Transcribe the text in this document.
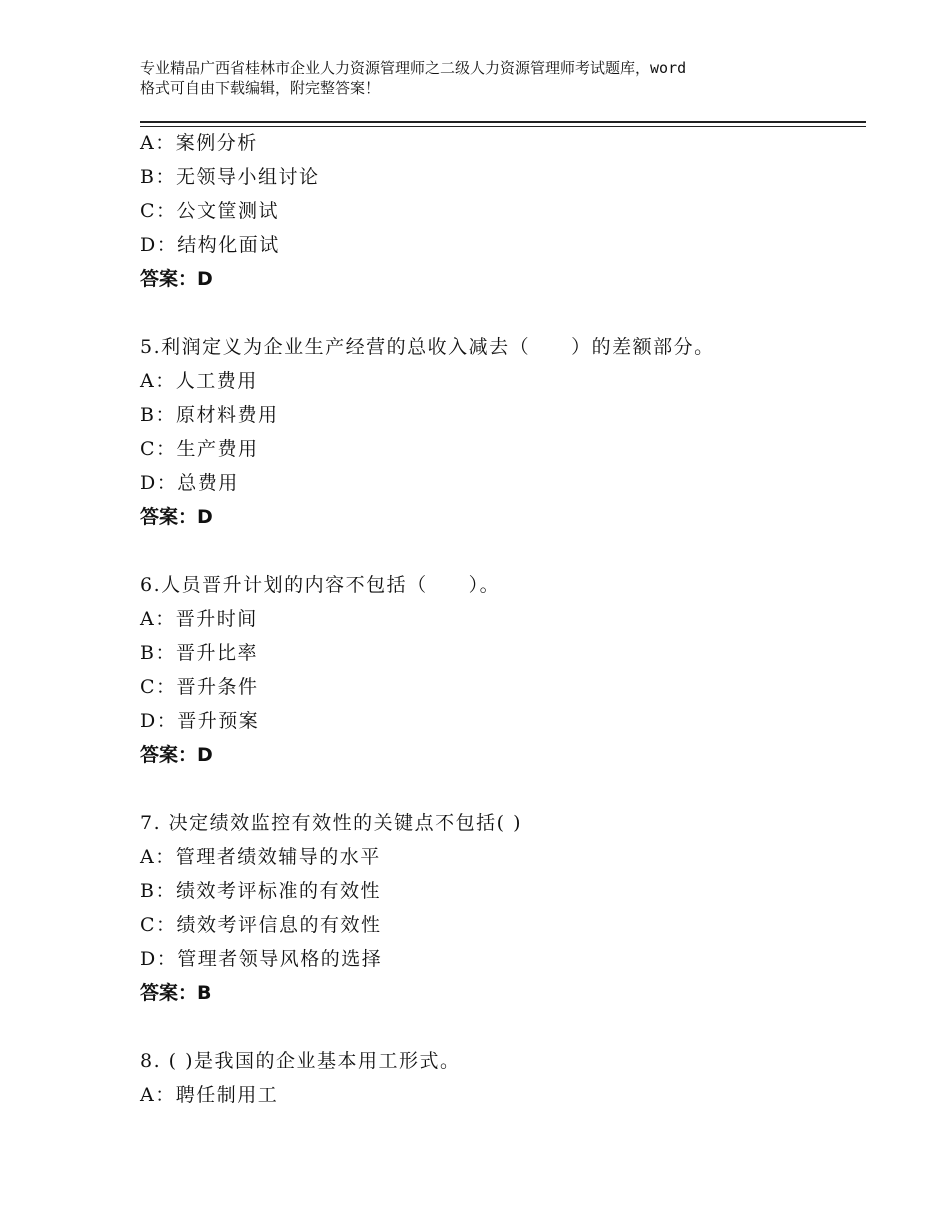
专业精品广西省桂林市企业人力资源管理师之二级人力资源管理师考试题库，word
格式可自由下载编辑，附完整答案！
A：案例分析
B：无领导小组讨论
C：公文筐测试
D：结构化面试
答案：D
5.利润定义为企业生产经营的总收入减去（　　）的差额部分。
A：人工费用
B：原材料费用
C：生产费用
D：总费用
答案：D
6.人员晋升计划的内容不包括（　　）。
A：晋升时间
B：晋升比率
C：晋升条件
D：晋升预案
答案：D
7. 决定绩效监控有效性的关键点不包括( )
A：管理者绩效辅导的水平
B：绩效考评标准的有效性
C：绩效考评信息的有效性
D：管理者领导风格的选择
答案：B
8. ( )是我国的企业基本用工形式。
A：聘任制用工
